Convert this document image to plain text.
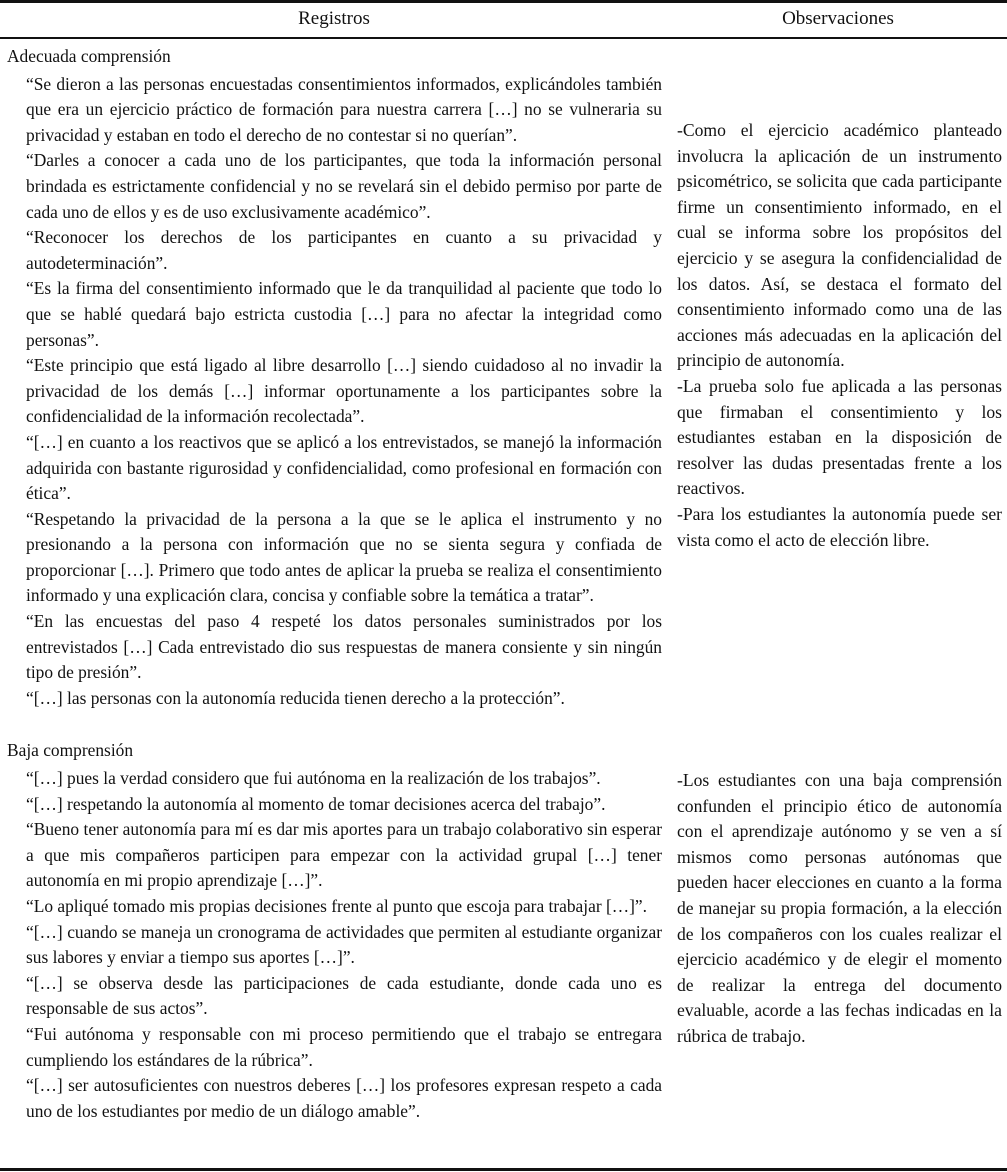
Registros	Observaciones

Adecuada comprensión

“Se dieron a las personas encuestadas consentimientos informados, explicándoles también que era un ejercicio práctico de formación para nuestra carrera […] no se vulneraria su privacidad y estaban en todo el derecho de no contestar si no querían”.

“Darles a conocer a cada uno de los participantes, que toda la información personal brindada es estrictamente confidencial y no se revelará sin el debido permiso por parte de cada uno de ellos y es de uso exclusivamente académico”.

“Reconocer los derechos de los participantes en cuanto a su privacidad y autodeterminación”.

“Es la firma del consentimiento informado que le da tranquilidad al paciente que todo lo que se hablé quedará bajo estricta custodia […] para no afectar la integridad como personas”.

“Este principio que está ligado al libre desarrollo […] siendo cuidadoso al no invadir la privacidad de los demás […] informar oportunamente a los participantes sobre la confidencialidad de la información recolectada”.

“[…] en cuanto a los reactivos que se aplicó a los entrevistados, se manejó la información adquirida con bastante rigurosidad y confidencialidad, como profesional en formación con ética”.

“Respetando la privacidad de la persona a la que se le aplica el instrumento y no presionando a la persona con información que no se sienta segura y confiada de proporcionar […]. Primero que todo antes de aplicar la prueba se realiza el consentimiento informado y una explicación clara, concisa y confiable sobre la temática a tratar”.

“En las encuestas del paso 4 respeté los datos personales suministrados por los entrevistados […] Cada entrevistado dio sus respuestas de manera consiente y sin ningún tipo de presión”.

“[…] las personas con la autonomía reducida tienen derecho a la protección”.

Baja comprensión

“[…] pues la verdad considero que fui autónoma en la realización de los trabajos”.

“[…] respetando la autonomía al momento de tomar decisiones acerca del trabajo”.

“Bueno tener autonomía para mí es dar mis aportes para un trabajo colaborativo sin esperar a que mis compañeros participen para empezar con la actividad grupal […] tener autonomía en mi propio aprendizaje […]”.

“Lo apliqué tomado mis propias decisiones frente al punto que escoja para trabajar […]”.

“[…] cuando se maneja un cronograma de actividades que permiten al estudiante organizar sus labores y enviar a tiempo sus aportes […]”.

“[…] se observa desde las participaciones de cada estudiante, donde cada uno es responsable de sus actos”.

“Fui autónoma y responsable con mi proceso permitiendo que el trabajo se entregara cumpliendo los estándares de la rúbrica”.

“[…] ser autosuficientes con nuestros deberes […] los profesores expresan respeto a cada uno de los estudiantes por medio de un diálogo amable”.

-Como el ejercicio académico planteado involucra la aplicación de un instrumento psicométrico, se solicita que cada participante firme un consentimiento informado, en el cual se informa sobre los propósitos del ejercicio y se asegura la confidencialidad de los datos. Así, se destaca el formato del consentimiento informado como una de las acciones más adecuadas en la aplicación del principio de autonomía.

-La prueba solo fue aplicada a las personas que firmaban el consentimiento y los estudiantes estaban en la disposición de resolver las dudas presentadas frente a los reactivos.

-Para los estudiantes la autonomía puede ser vista como el acto de elección libre.

-Los estudiantes con una baja comprensión confunden el principio ético de autonomía con el aprendizaje autónomo y se ven a sí mismos como personas autónomas que pueden hacer elecciones en cuanto a la forma de manejar su propia formación, a la elección de los compañeros con los cuales realizar el ejercicio académico y de elegir el momento de realizar la entrega del documento evaluable, acorde a las fechas indicadas en la rúbrica de trabajo.
